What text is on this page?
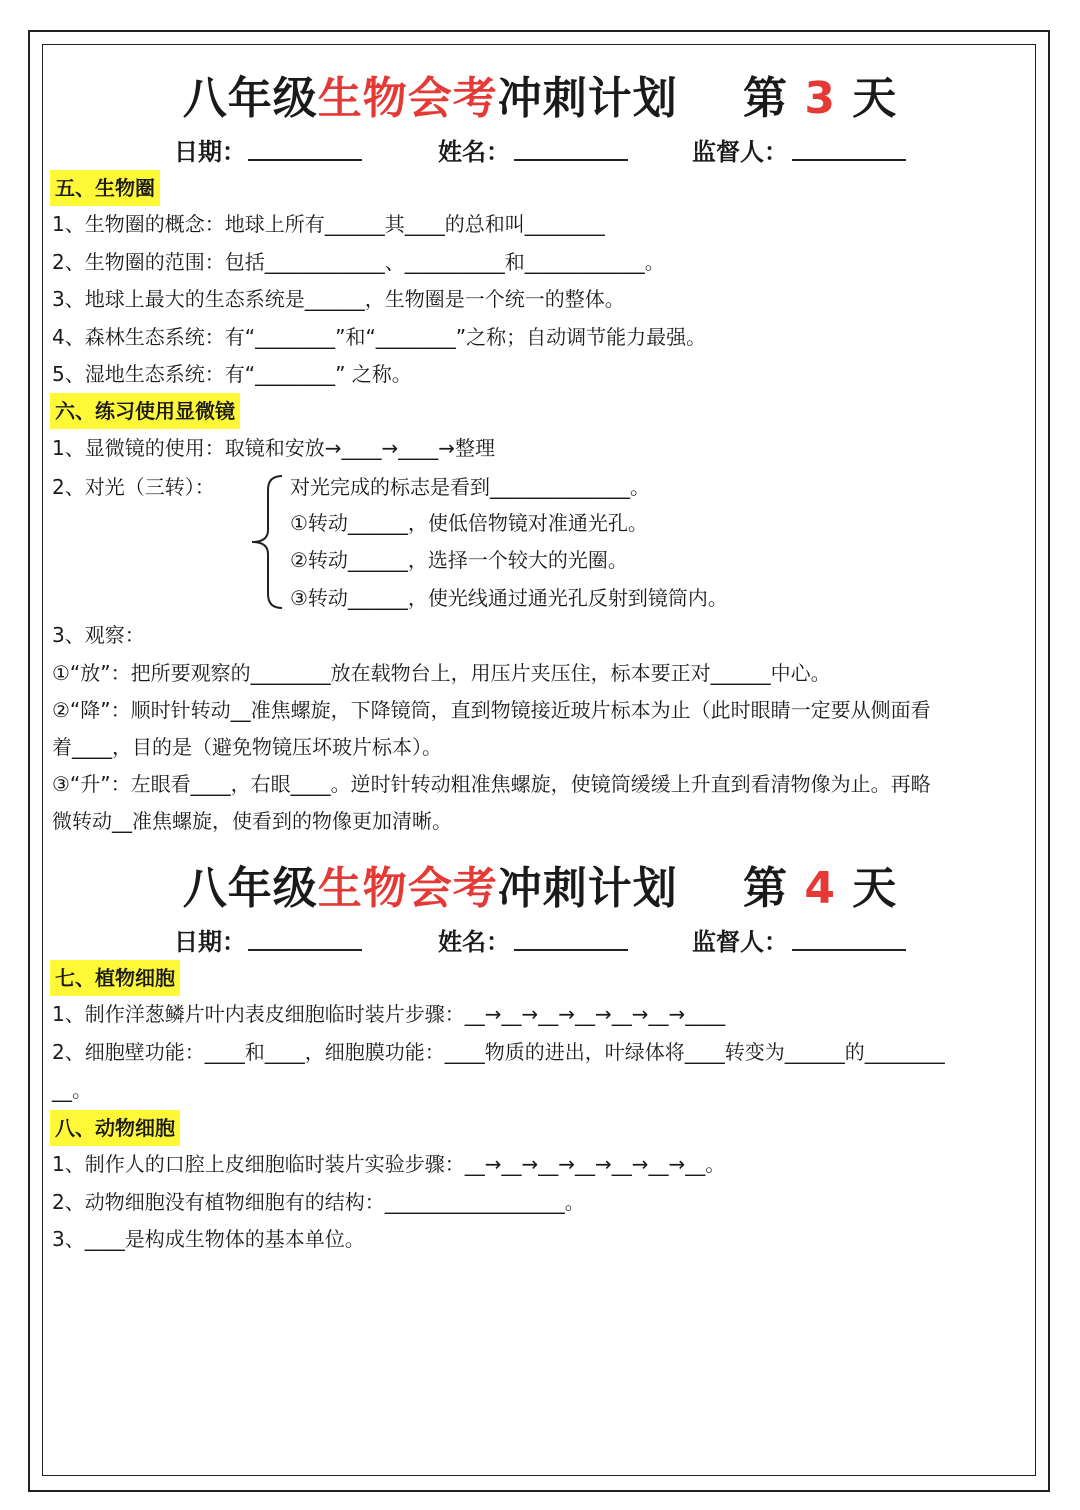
八年级生物会考冲刺计划    第 3 天
日期：	姓名：	监督人：
五、生物圈
1、生物圈的概念：地球上所有______其____的总和叫________
2、生物圈的范围：包括____________、__________和____________。
3、地球上最大的生态系统是______，生物圈是一个统一的整体。
4、森林生态系统：有“________”和“________”之称；自动调节能力最强。
5、湿地生态系统：有“________” 之称。
六、练习使用显微镜
1、显微镜的使用：取镜和安放→____→____→整理
2、对光（三转）：	对光完成的标志是看到______________。
①转动______，使低倍物镜对准通光孔。
②转动______，选择一个较大的光圈。
③转动______，使光线通过通光孔反射到镜筒内。
3、观察：
①“放”：把所要观察的________放在载物台上，用压片夹压住，标本要正对______中心。
②“降”：顺时针转动__准焦螺旋，下降镜筒，直到物镜接近玻片标本为止（此时眼睛一定要从侧面看
着____，目的是（避免物镜压坏玻片标本）。
③“升”：左眼看____，右眼____。逆时针转动粗准焦螺旋，使镜筒缓缓上升直到看清物像为止。再略
微转动__准焦螺旋，使看到的物像更加清晰。
八年级生物会考冲刺计划    第 4 天
日期：	姓名：	监督人：
七、植物细胞
1、制作洋葱鳞片叶内表皮细胞临时装片步骤：__→__→__→__→__→__→____
2、细胞壁功能：____和____，细胞膜功能：____物质的进出，叶绿体将____转变为______的________
__。
八、动物细胞
1、制作人的口腔上皮细胞临时装片实验步骤：__→__→__→__→__→__→__。
2、动物细胞没有植物细胞有的结构：__________________。
3、____是构成生物体的基本单位。
